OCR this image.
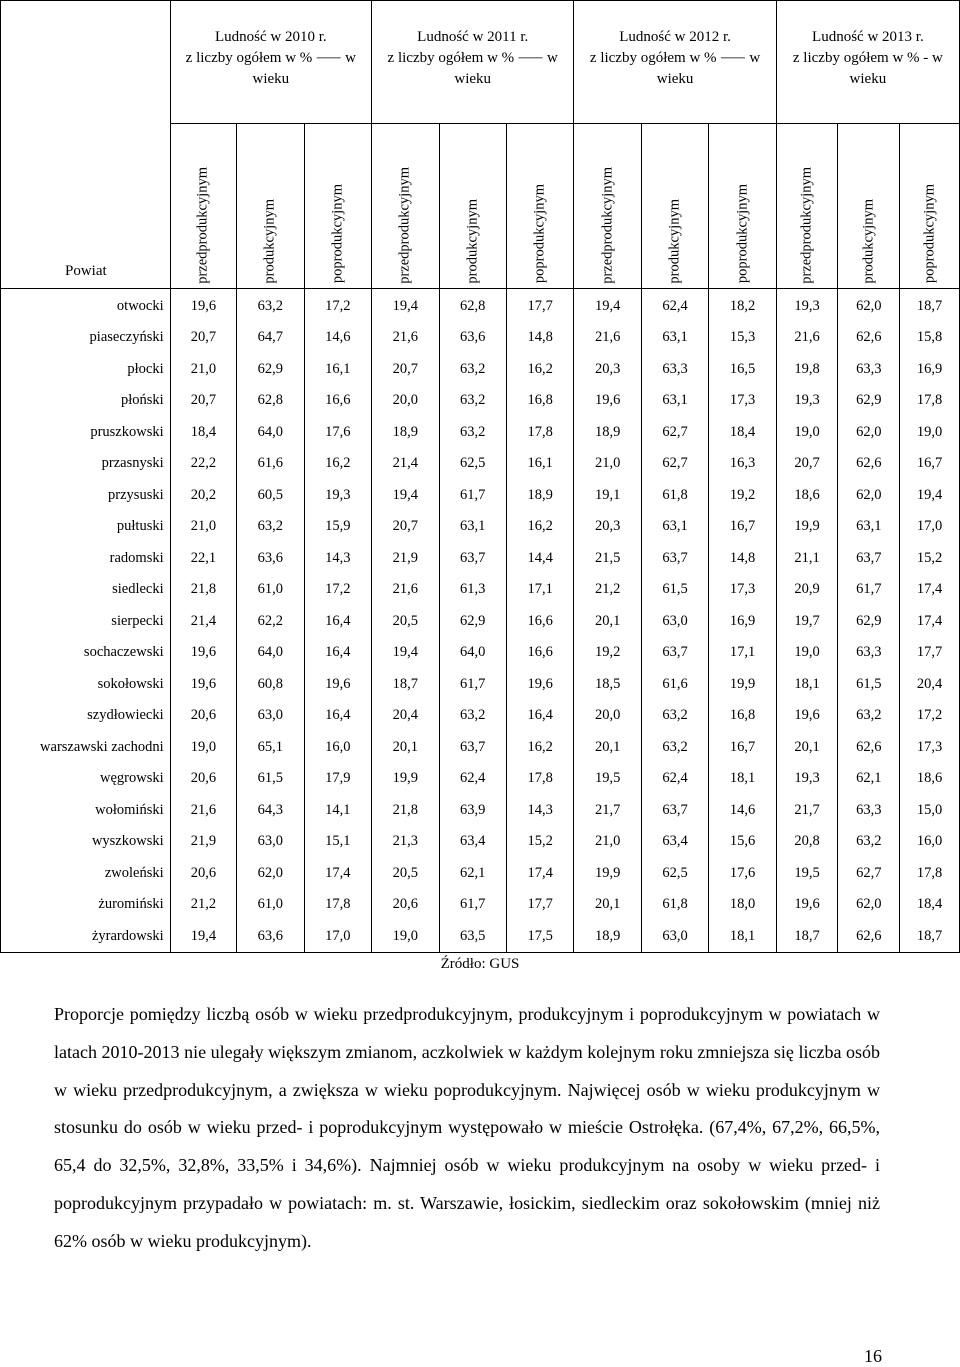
	Ludność w 2010 r.
z liczby ogółem w % ⸺ w wieku			Ludność w 2011 r.
z liczby ogółem w % ⸺ w wieku			Ludność w 2012 r.
z liczby ogółem w % ⸺ w wieku			Ludność w 2013 r.
z liczby ogółem w % - w wieku		

Powiat	przedprodukcyjnym	produkcyjnym	poprodukcyjnym	przedprodukcyjnym	produkcyjnym	poprodukcyjnym	przedprodukcyjnym	produkcyjnym	poprodukcyjnym	przedprodukcyjnym	produkcyjnym	poprodukcyjnym

otwocki	19,6	63,2	17,2	19,4	62,8	17,7	19,4	62,4	18,2	19,3	62,0	18,7
piaseczyński	20,7	64,7	14,6	21,6	63,6	14,8	21,6	63,1	15,3	21,6	62,6	15,8
płocki	21,0	62,9	16,1	20,7	63,2	16,2	20,3	63,3	16,5	19,8	63,3	16,9
płoński	20,7	62,8	16,6	20,0	63,2	16,8	19,6	63,1	17,3	19,3	62,9	17,8
pruszkowski	18,4	64,0	17,6	18,9	63,2	17,8	18,9	62,7	18,4	19,0	62,0	19,0
przasnyski	22,2	61,6	16,2	21,4	62,5	16,1	21,0	62,7	16,3	20,7	62,6	16,7
przysuski	20,2	60,5	19,3	19,4	61,7	18,9	19,1	61,8	19,2	18,6	62,0	19,4
pułtuski	21,0	63,2	15,9	20,7	63,1	16,2	20,3	63,1	16,7	19,9	63,1	17,0
radomski	22,1	63,6	14,3	21,9	63,7	14,4	21,5	63,7	14,8	21,1	63,7	15,2
siedlecki	21,8	61,0	17,2	21,6	61,3	17,1	21,2	61,5	17,3	20,9	61,7	17,4
sierpecki	21,4	62,2	16,4	20,5	62,9	16,6	20,1	63,0	16,9	19,7	62,9	17,4
sochaczewski	19,6	64,0	16,4	19,4	64,0	16,6	19,2	63,7	17,1	19,0	63,3	17,7
sokołowski	19,6	60,8	19,6	18,7	61,7	19,6	18,5	61,6	19,9	18,1	61,5	20,4
szydłowiecki	20,6	63,0	16,4	20,4	63,2	16,4	20,0	63,2	16,8	19,6	63,2	17,2
warszawski zachodni	19,0	65,1	16,0	20,1	63,7	16,2	20,1	63,2	16,7	20,1	62,6	17,3
węgrowski	20,6	61,5	17,9	19,9	62,4	17,8	19,5	62,4	18,1	19,3	62,1	18,6
wołomiński	21,6	64,3	14,1	21,8	63,9	14,3	21,7	63,7	14,6	21,7	63,3	15,0
wyszkowski	21,9	63,0	15,1	21,3	63,4	15,2	21,0	63,4	15,6	20,8	63,2	16,0
zwoleński	20,6	62,0	17,4	20,5	62,1	17,4	19,9	62,5	17,6	19,5	62,7	17,8
żuromiński	21,2	61,0	17,8	20,6	61,7	17,7	20,1	61,8	18,0	19,6	62,0	18,4
żyrardowski	19,4	63,6	17,0	19,0	63,5	17,5	18,9	63,0	18,1	18,7	62,6	18,7
Źródło: GUS
Proporcje pomiędzy liczbą osób w wieku przedprodukcyjnym, produkcyjnym i poprodukcyjnym w powiatach w latach 2010-2013 nie ulegały większym zmianom, aczkolwiek w każdym kolejnym roku zmniejsza się liczba osób w wieku przedprodukcyjnym, a zwiększa w wieku poprodukcyjnym. Najwięcej osób w wieku produkcyjnym w stosunku do osób w wieku przed- i poprodukcyjnym występowało w mieście Ostrołęka. (67,4%, 67,2%, 66,5%, 65,4 do 32,5%, 32,8%, 33,5% i 34,6%). Najmniej osób w wieku produkcyjnym na osoby w wieku przed- i poprodukcyjnym przypadało w powiatach: m. st. Warszawie, łosickim, siedleckim oraz sokołowskim (mniej niż 62% osób w wieku produkcyjnym).
16
